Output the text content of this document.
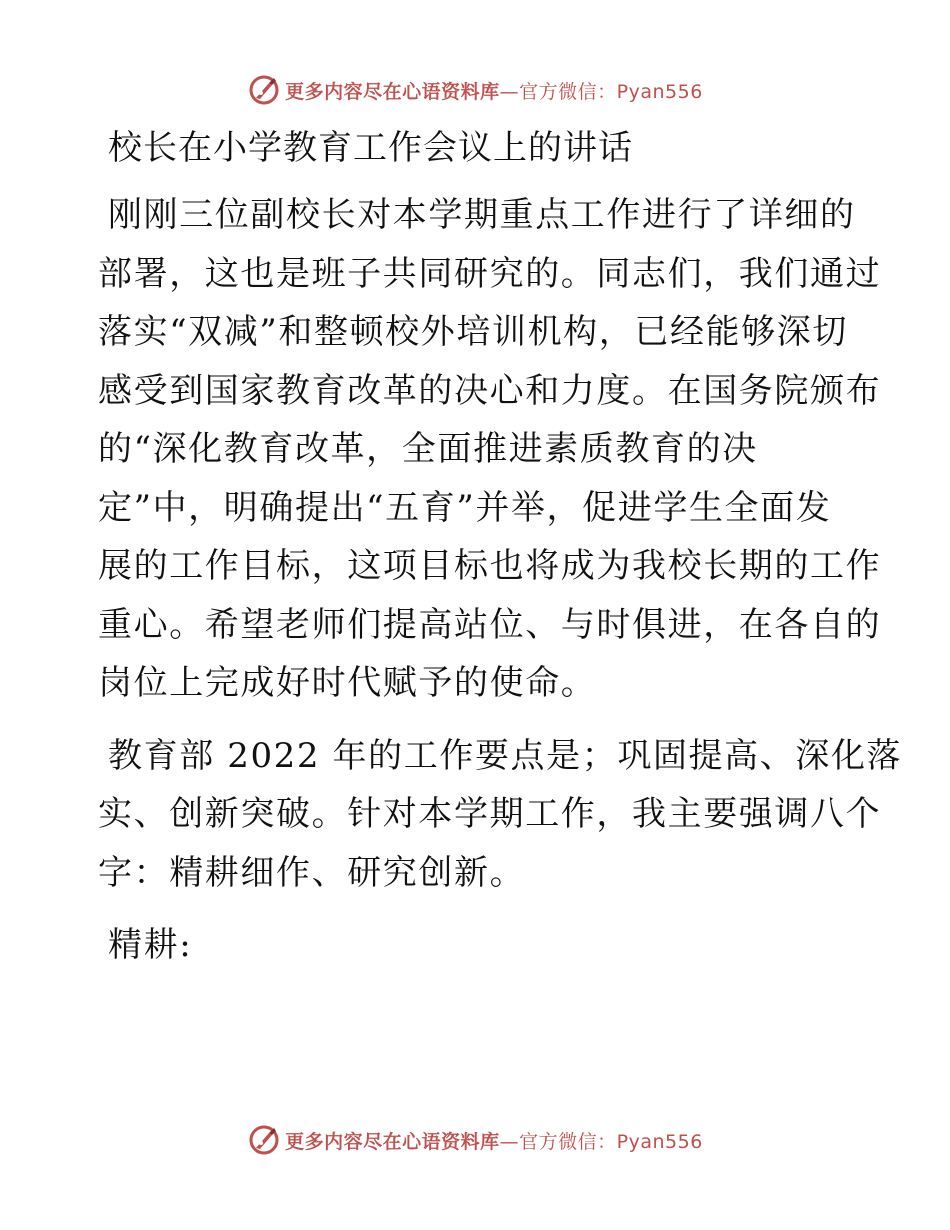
更多内容尽在心语资料库—官方微信：Pyan556
校长在小学教育工作会议上的讲话
刚刚三位副校长对本学期重点工作进行了详细的
部署，这也是班子共同研究的。同志们，我们通过
落实“双减”和整顿校外培训机构，已经能够深切
感受到国家教育改革的决心和力度。在国务院颁布
的“深化教育改革，全面推进素质教育的决
定”中，明确提出“五育”并举，促进学生全面发
展的工作目标，这项目标也将成为我校长期的工作
重心。希望老师们提高站位、与时俱进，在各自的
岗位上完成好时代赋予的使命。
教育部 2022 年的工作要点是；巩固提高、深化落
实、创新突破。针对本学期工作，我主要强调八个
字：精耕细作、研究创新。
精耕:
更多内容尽在心语资料库—官方微信：Pyan556
